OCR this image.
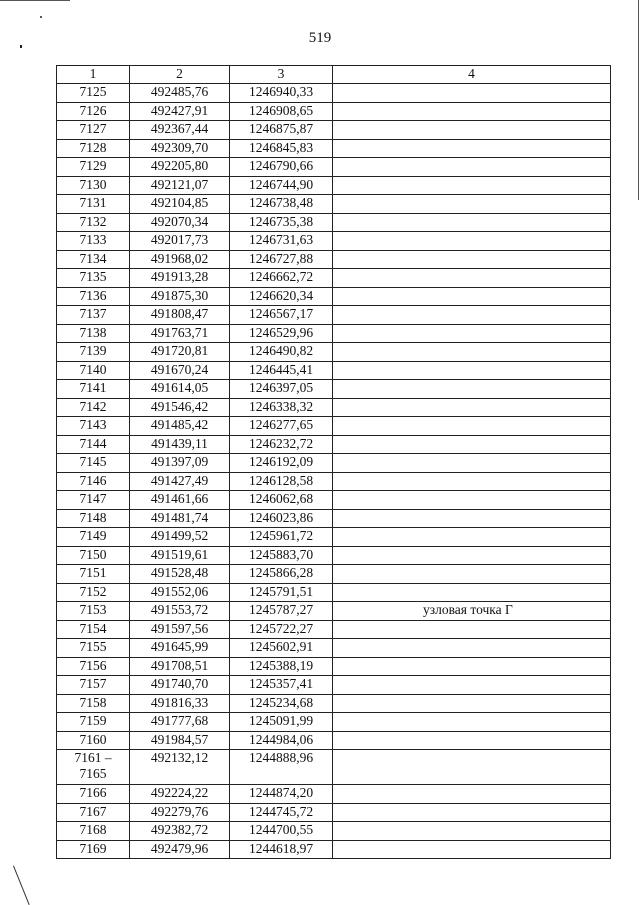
519
1	2	3	4
7125	492485,76	1246940,33	
7126	492427,91	1246908,65	
7127	492367,44	1246875,87	
7128	492309,70	1246845,83	
7129	492205,80	1246790,66	
7130	492121,07	1246744,90	
7131	492104,85	1246738,48	
7132	492070,34	1246735,38	
7133	492017,73	1246731,63	
7134	491968,02	1246727,88	
7135	491913,28	1246662,72	
7136	491875,30	1246620,34	
7137	491808,47	1246567,17	
7138	491763,71	1246529,96	
7139	491720,81	1246490,82	
7140	491670,24	1246445,41	
7141	491614,05	1246397,05	
7142	491546,42	1246338,32	
7143	491485,42	1246277,65	
7144	491439,11	1246232,72	
7145	491397,09	1246192,09	
7146	491427,49	1246128,58	
7147	491461,66	1246062,68	
7148	491481,74	1246023,86	
7149	491499,52	1245961,72	
7150	491519,61	1245883,70	
7151	491528,48	1245866,28	
7152	491552,06	1245791,51	
7153	491553,72	1245787,27	узловая точка Г
7154	491597,56	1245722,27	
7155	491645,99	1245602,91	
7156	491708,51	1245388,19	
7157	491740,70	1245357,41	
7158	491816,33	1245234,68	
7159	491777,68	1245091,99	
7160	491984,57	1244984,06	

7161 –
7165	492132,12	1244888,96	
7166	492224,22	1244874,20	
7167	492279,76	1244745,72	
7168	492382,72	1244700,55	
7169	492479,96	1244618,97	
